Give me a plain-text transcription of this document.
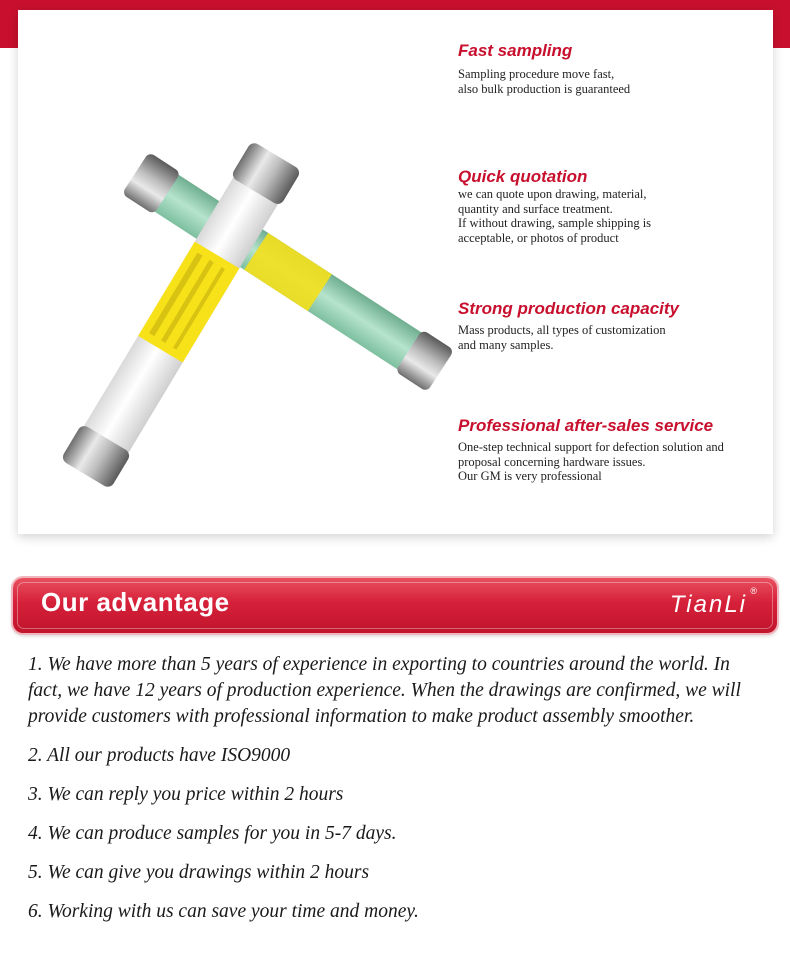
Fast sampling
Sampling procedure move fast,
also bulk production is guaranteed
Quick quotation
we can quote upon drawing, material,
quantity and surface treatment.
If without drawing, sample shipping is
acceptable, or photos of product
Strong production capacity
Mass products, all types of customization
and many samples.
Professional after-sales service
One-step technical support for defection solution and
proposal concerning hardware issues.
Our GM is very professional
Our advantage	TianLi ®
1. We have more than 5 years of experience in exporting to countries around the world. In fact, we have 12 years of production experience. When the drawings are confirmed, we will provide customers with professional information to make product assembly smoother.
2. All our products have ISO9000
3. We can reply you price within 2 hours
4. We can produce samples for you in 5-7 days.
5. We can give you drawings within 2 hours
6. Working with us can save your time and money.
